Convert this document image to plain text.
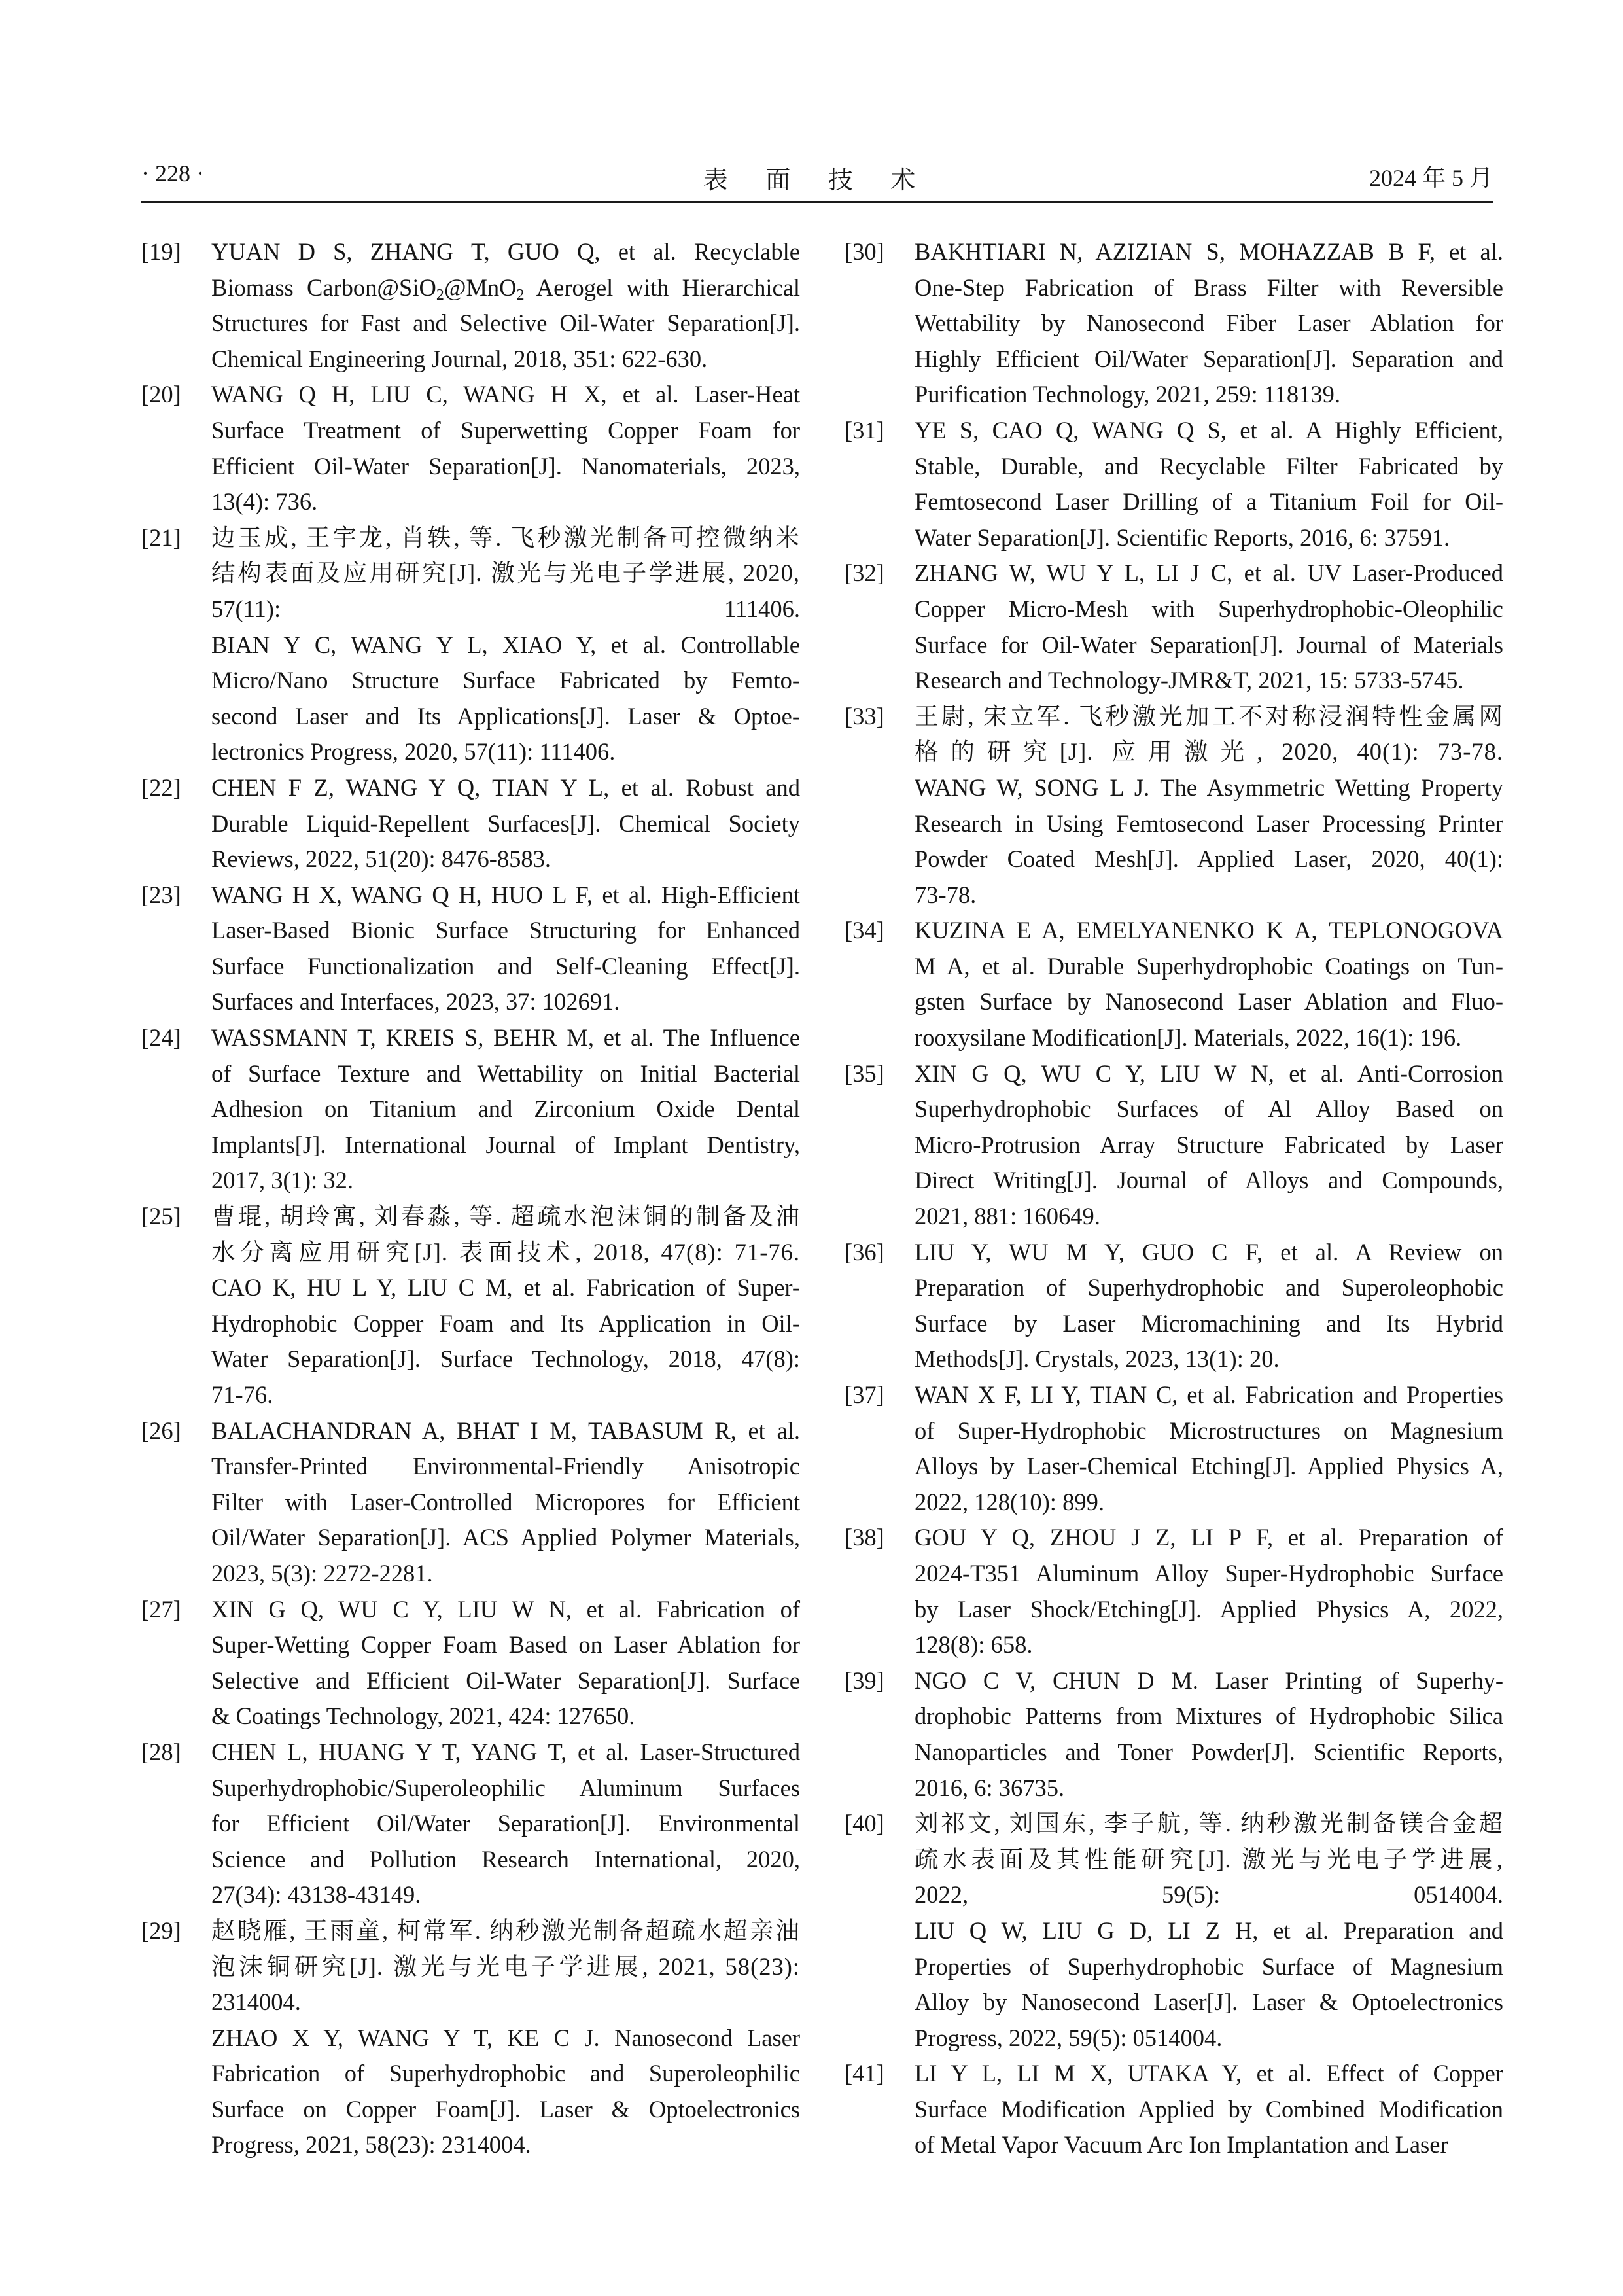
· 228 ·	表 面 技 术	2024 年 5 月
[19] YUAN D S, ZHANG T, GUO Q, et al. Recyclable
Biomass Carbon@SiO$_2$@MnO$_2$ Aerogel with Hierarchical
Structures for Fast and Selective Oil-Water Separation[J].
Chemical Engineering Journal, 2018, 351: 622-630.
[20] WANG Q H, LIU C, WANG H X, et al. Laser-Heat
Surface Treatment of Superwetting Copper Foam for
Efficient Oil-Water Separation[J]. Nanomaterials, 2023,
13(4): 736.
[21] 边玉成, 王宇龙, 肖轶, 等. 飞秒激光制备可控微纳米
结构表面及应用研究[J]. 激光与光电子学进展, 2020,
57(11): 111406.
BIAN Y C, WANG Y L, XIAO Y, et al. Controllable
Micro/Nano Structure Surface Fabricated by Femto-
second Laser and Its Applications[J]. Laser & Optoe-
lectronics Progress, 2020, 57(11): 111406.
[22] CHEN F Z, WANG Y Q, TIAN Y L, et al. Robust and
Durable Liquid-Repellent Surfaces[J]. Chemical Society
Reviews, 2022, 51(20): 8476-8583.
[23] WANG H X, WANG Q H, HUO L F, et al. High-Efficient
Laser-Based Bionic Surface Structuring for Enhanced
Surface Functionalization and Self-Cleaning Effect[J].
Surfaces and Interfaces, 2023, 37: 102691.
[24] WASSMANN T, KREIS S, BEHR M, et al. The Influence
of Surface Texture and Wettability on Initial Bacterial
Adhesion on Titanium and Zirconium Oxide Dental
Implants[J]. International Journal of Implant Dentistry,
2017, 3(1): 32.
[25] 曹琨, 胡玲寓, 刘春淼, 等. 超疏水泡沫铜的制备及油
水分离应用研究[J]. 表面技术, 2018, 47(8): 71-76.
CAO K, HU L Y, LIU C M, et al. Fabrication of Super-
Hydrophobic Copper Foam and Its Application in Oil-
Water Separation[J]. Surface Technology, 2018, 47(8):
71-76.
[26] BALACHANDRAN A, BHAT I M, TABASUM R, et al.
Transfer-Printed Environmental-Friendly Anisotropic
Filter with Laser-Controlled Micropores for Efficient
Oil/Water Separation[J]. ACS Applied Polymer Materials,
2023, 5(3): 2272-2281.
[27] XIN G Q, WU C Y, LIU W N, et al. Fabrication of
Super-Wetting Copper Foam Based on Laser Ablation for
Selective and Efficient Oil-Water Separation[J]. Surface
& Coatings Technology, 2021, 424: 127650.
[28] CHEN L, HUANG Y T, YANG T, et al. Laser-Structured
Superhydrophobic/Superoleophilic Aluminum Surfaces
for Efficient Oil/Water Separation[J]. Environmental
Science and Pollution Research International, 2020,
27(34): 43138-43149.
[29] 赵晓雁, 王雨童, 柯常军. 纳秒激光制备超疏水超亲油
泡沫铜研究[J]. 激光与光电子学进展, 2021, 58(23):
2314004.
ZHAO X Y, WANG Y T, KE C J. Nanosecond Laser
Fabrication of Superhydrophobic and Superoleophilic
Surface on Copper Foam[J]. Laser & Optoelectronics
Progress, 2021, 58(23): 2314004.
[30] BAKHTIARI N, AZIZIAN S, MOHAZZAB B F, et al.
One-Step Fabrication of Brass Filter with Reversible
Wettability by Nanosecond Fiber Laser Ablation for
Highly Efficient Oil/Water Separation[J]. Separation and
Purification Technology, 2021, 259: 118139.
[31] YE S, CAO Q, WANG Q S, et al. A Highly Efficient,
Stable, Durable, and Recyclable Filter Fabricated by
Femtosecond Laser Drilling of a Titanium Foil for Oil-
Water Separation[J]. Scientific Reports, 2016, 6: 37591.
[32] ZHANG W, WU Y L, LI J C, et al. UV Laser-Produced
Copper Micro-Mesh with Superhydrophobic-Oleophilic
Surface for Oil-Water Separation[J]. Journal of Materials
Research and Technology-JMR&T, 2021, 15: 5733-5745.
[33] 王尉, 宋立军. 飞秒激光加工不对称浸润特性金属网
格的研究[J]. 应用激光, 2020, 40(1): 73-78.
WANG W, SONG L J. The Asymmetric Wetting Property
Research in Using Femtosecond Laser Processing Printer
Powder Coated Mesh[J]. Applied Laser, 2020, 40(1):
73-78.
[34] KUZINA E A, EMELYANENKO K A, TEPLONOGOVA
M A, et al. Durable Superhydrophobic Coatings on Tun-
gsten Surface by Nanosecond Laser Ablation and Fluo-
rooxysilane Modification[J]. Materials, 2022, 16(1): 196.
[35] XIN G Q, WU C Y, LIU W N, et al. Anti-Corrosion
Superhydrophobic Surfaces of Al Alloy Based on
Micro-Protrusion Array Structure Fabricated by Laser
Direct Writing[J]. Journal of Alloys and Compounds,
2021, 881: 160649.
[36] LIU Y, WU M Y, GUO C F, et al. A Review on
Preparation of Superhydrophobic and Superoleophobic
Surface by Laser Micromachining and Its Hybrid
Methods[J]. Crystals, 2023, 13(1): 20.
[37] WAN X F, LI Y, TIAN C, et al. Fabrication and Properties
of Super-Hydrophobic Microstructures on Magnesium
Alloys by Laser-Chemical Etching[J]. Applied Physics A,
2022, 128(10): 899.
[38] GOU Y Q, ZHOU J Z, LI P F, et al. Preparation of
2024-T351 Aluminum Alloy Super-Hydrophobic Surface
by Laser Shock/Etching[J]. Applied Physics A, 2022,
128(8): 658.
[39] NGO C V, CHUN D M. Laser Printing of Superhy-
drophobic Patterns from Mixtures of Hydrophobic Silica
Nanoparticles and Toner Powder[J]. Scientific Reports,
2016, 6: 36735.
[40] 刘祁文, 刘国东, 李子航, 等. 纳秒激光制备镁合金超
疏水表面及其性能研究[J]. 激光与光电子学进展,
2022, 59(5): 0514004.
LIU Q W, LIU G D, LI Z H, et al. Preparation and
Properties of Superhydrophobic Surface of Magnesium
Alloy by Nanosecond Laser[J]. Laser & Optoelectronics
Progress, 2022, 59(5): 0514004.
[41] LI Y L, LI M X, UTAKA Y, et al. Effect of Copper
Surface Modification Applied by Combined Modification
of Metal Vapor Vacuum Arc Ion Implantation and Laser
